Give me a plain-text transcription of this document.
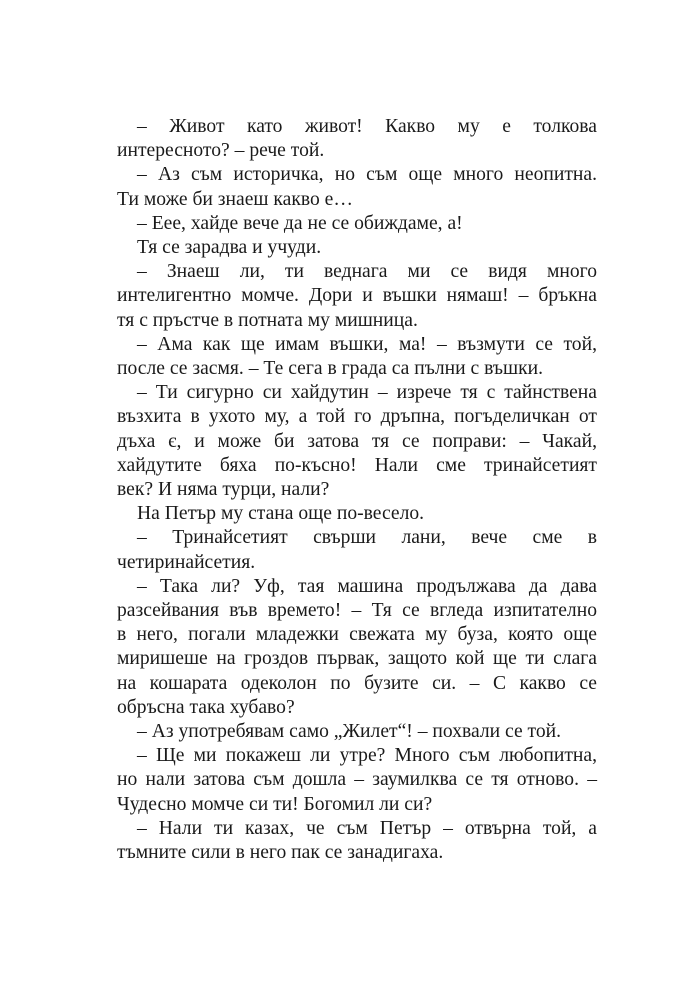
– Живот като живот! Какво му е толкова
интересното? – рече той.
– Аз съм историчка, но съм още много неопитна.
Ти може би знаеш какво е…
– Еее, хайде вече да не се обиждаме, а!
Тя се зарадва и учуди.
– Знаеш ли, ти веднага ми се видя много
интелигентно момче. Дори и въшки нямаш! – бръкна
тя с пръстче в потната му мишница.
– Ама как ще имам въшки, ма! – възмути се той,
после се засмя. – Те сега в града са пълни с въшки.
– Ти сигурно си хайдутин – изрече тя с тайнствена
възхита в ухото му, а той го дръпна, погъделичкан от
дъха є, и може би затова тя се поправи: – Чакай,
хайдутите бяха по-късно! Нали сме тринайсетият
век? И няма турци, нали?
На Петър му стана още по-весело.
– Тринайсетият свърши лани, вече сме в
четиринайсетия.
– Така ли? Уф, тая машина продължава да дава
разсейвания във времето! – Тя се вгледа изпитателно
в него, погали младежки свежата му буза, която още
миришеше на гроздов първак, защото кой ще ти слага
на кошарата одеколон по бузите си. – С какво се
обръсна така хубаво?
– Аз употребявам само „Жилет“! – похвали се той.
– Ще ми покажеш ли утре? Много съм любопитна,
но нали затова съм дошла – заумилква се тя отново. –
Чудесно момче си ти! Богомил ли си?
– Нали ти казах, че съм Петър – отвърна той, а
тъмните сили в него пак се занадигаха.
